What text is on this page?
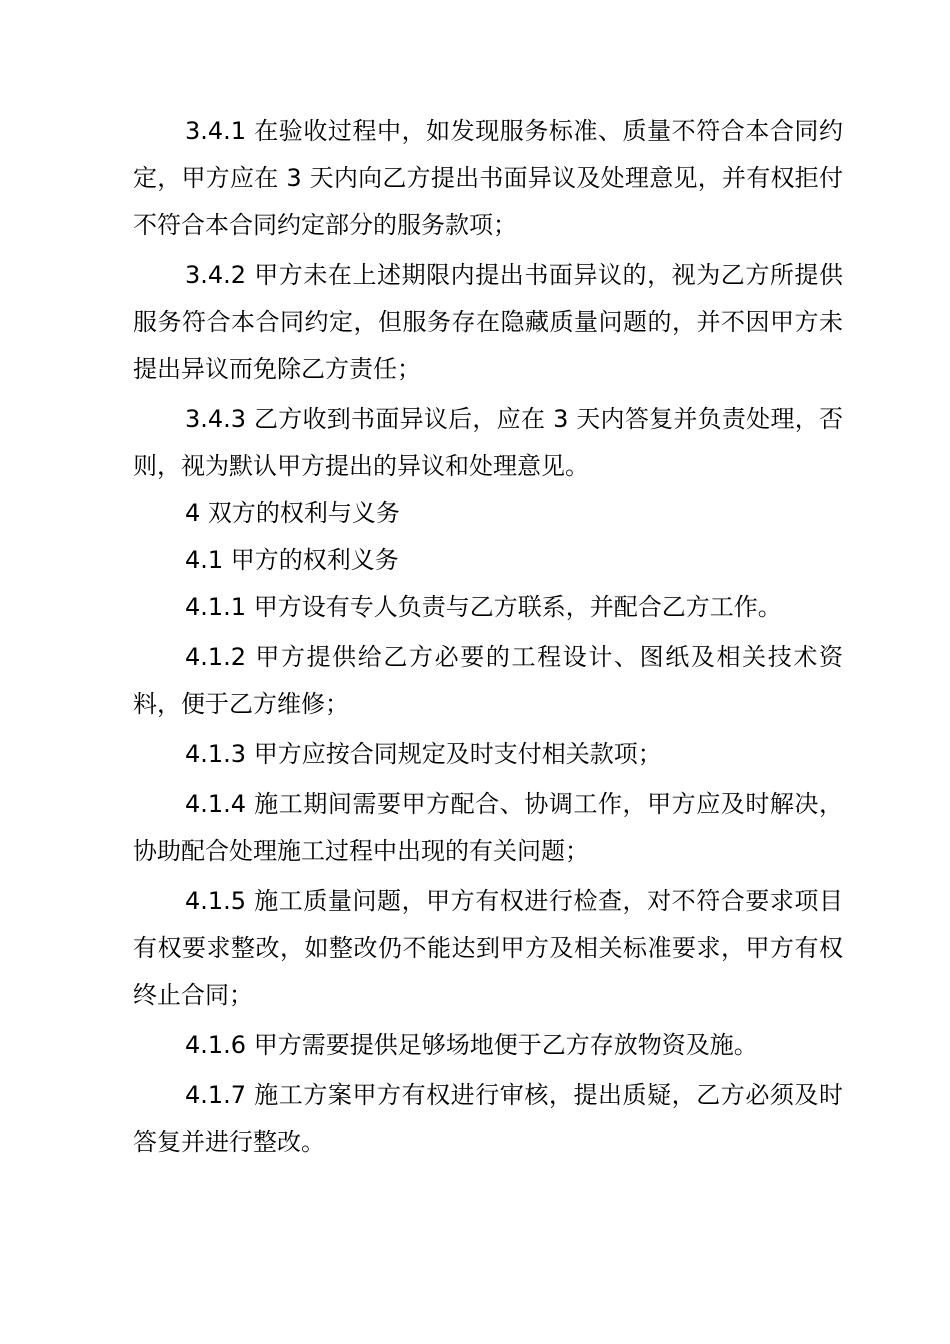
3.4.1 在验收过程中，如发现服务标准、质量不符合本合同约定，甲方应在 3 天内向乙方提出书面异议及处理意见，并有权拒付不符合本合同约定部分的服务款项；

3.4.2 甲方未在上述期限内提出书面异议的，视为乙方所提供服务符合本合同约定，但服务存在隐藏质量问题的，并不因甲方未提出异议而免除乙方责任；

3.4.3 乙方收到书面异议后，应在 3 天内答复并负责处理，否则，视为默认甲方提出的异议和处理意见。

4 双方的权利与义务

4.1 甲方的权利义务

4.1.1 甲方设有专人负责与乙方联系，并配合乙方工作。

4.1.2 甲方提供给乙方必要的工程设计、图纸及相关技术资料，便于乙方维修；

4.1.3 甲方应按合同规定及时支付相关款项；

4.1.4 施工期间需要甲方配合、协调工作，甲方应及时解决，协助配合处理施工过程中出现的有关问题；

4.1.5 施工质量问题，甲方有权进行检查，对不符合要求项目有权要求整改，如整改仍不能达到甲方及相关标准要求，甲方有权终止合同；

4.1.6 甲方需要提供足够场地便于乙方存放物资及施。

4.1.7 施工方案甲方有权进行审核，提出质疑，乙方必须及时答复并进行整改。
